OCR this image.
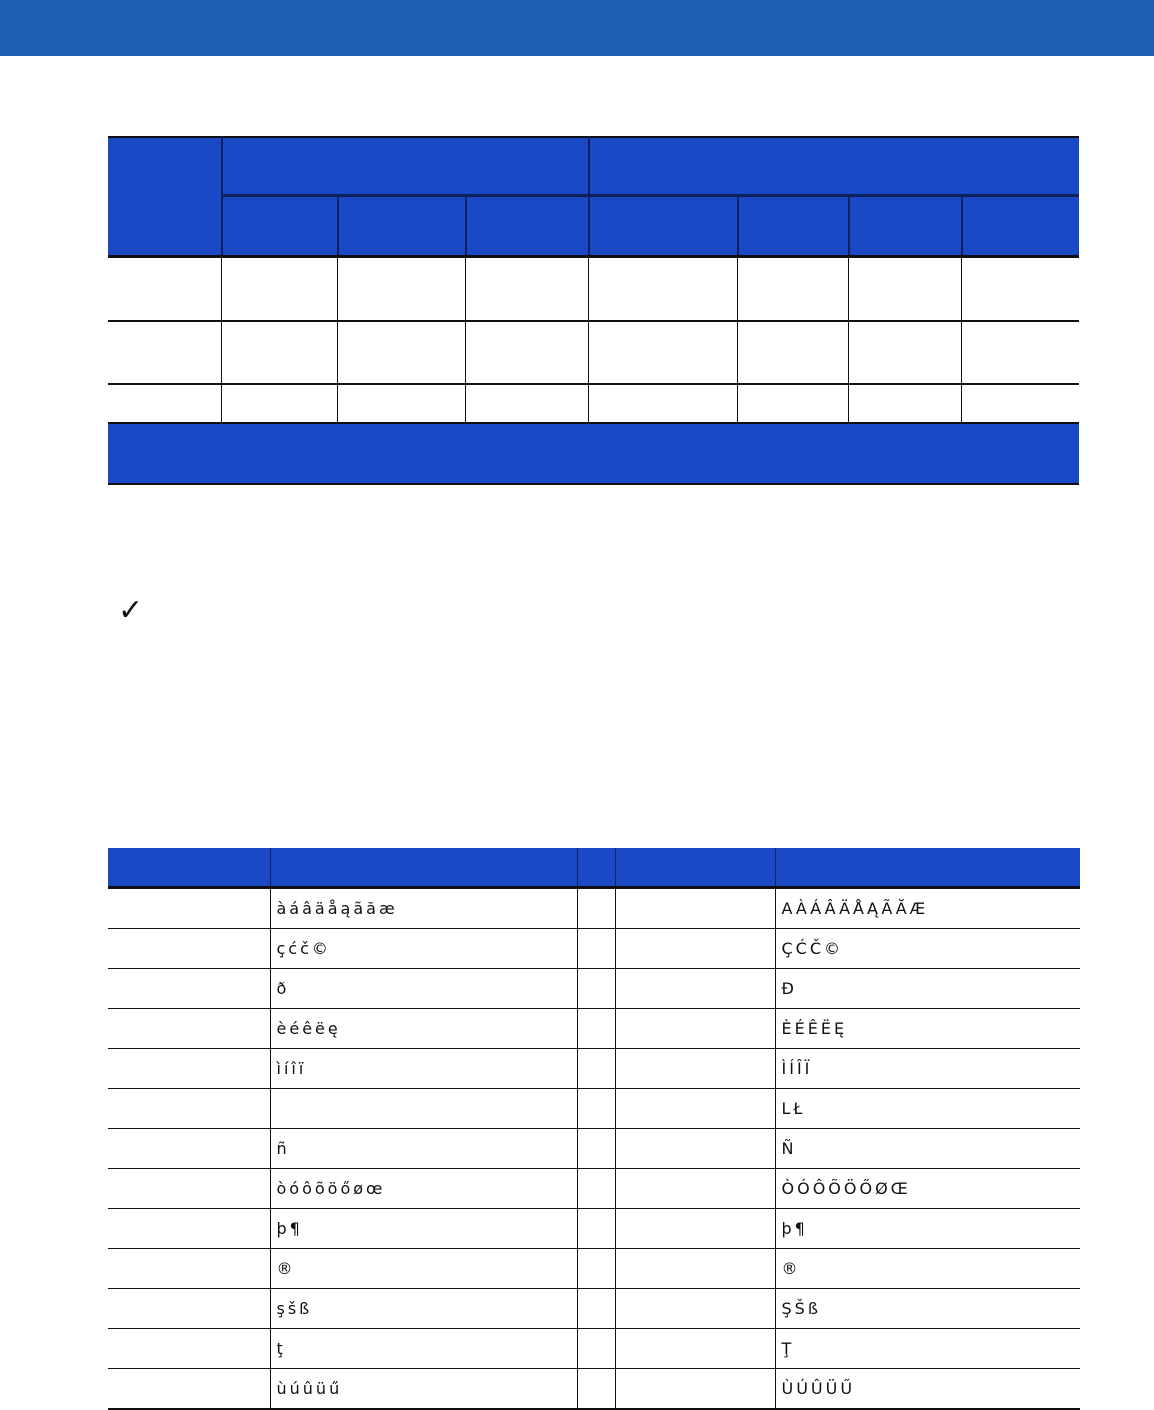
✓

	àáâäåąãăæ			AÀÁÂÄÅĄÃĂÆ
	çćč©			ÇĆČ©
	ð			Đ
	èéêëę			ÈÉÊËĘ
	ìíîï			ÌÍÎÏ
				LŁ
	ñ			Ñ
	òóôõöőøœ			ÒÓÔÕÖŐØŒ
	þ¶			þ¶
	®			®
	şšß			ŞŠß
	ţ			Ţ
	ùúûüű			ÙÚÛÜŰ
